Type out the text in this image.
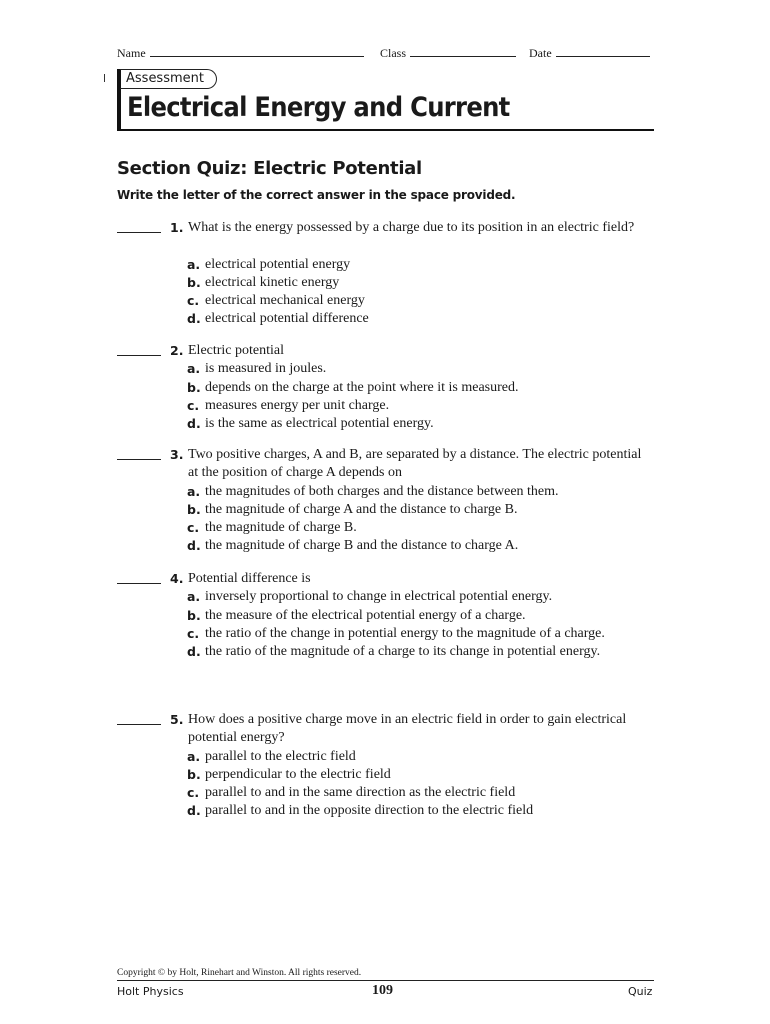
Name	Class	Date
Assessment
Electrical Energy and Current
Section Quiz: Electric Potential
Write the letter of the correct answer in the space provided.
1. What is the energy possessed by a charge due to its position in an electric field?
a. electrical potential energy
b. electrical kinetic energy
c. electrical mechanical energy
d. electrical potential difference
2. Electric potential
a. is measured in joules.
b. depends on the charge at the point where it is measured.
c. measures energy per unit charge.
d. is the same as electrical potential energy.
3. Two positive charges, A and B, are separated by a distance. The electric potential at the position of charge A depends on
a. the magnitudes of both charges and the distance between them.
b. the magnitude of charge A and the distance to charge B.
c. the magnitude of charge B.
d. the magnitude of charge B and the distance to charge A.
4. Potential difference is
a. inversely proportional to change in electrical potential energy.
b. the measure of the electrical potential energy of a charge.
c. the ratio of the change in potential energy to the magnitude of a charge.
d. the ratio of the magnitude of a charge to its change in potential energy.
5. How does a positive charge move in an electric field in order to gain electrical potential energy?
a. parallel to the electric field
b. perpendicular to the electric field
c. parallel to and in the same direction as the electric field
d. parallel to and in the opposite direction to the electric field
Copyright © by Holt, Rinehart and Winston. All rights reserved.
Holt Physics	109	Quiz
